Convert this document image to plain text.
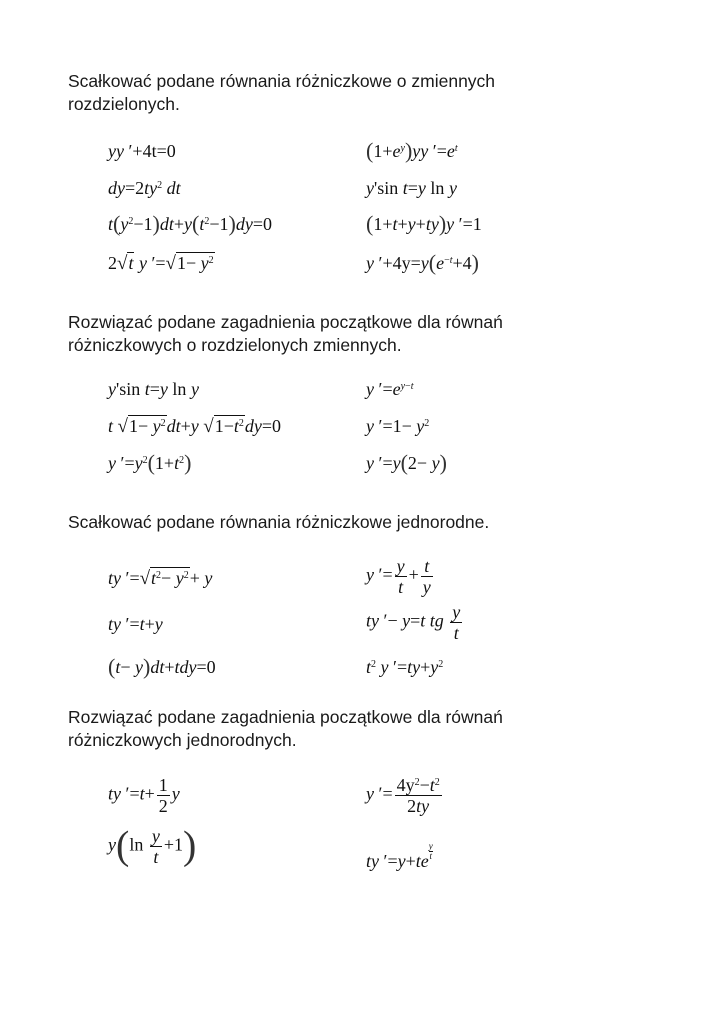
Scałkować podane równania różniczkowe o zmiennych
rozdzielonych.
yy ′+4t=0	$(1+e^y)yy$ $'=e^t$
$dy=2ty^2$ dt	y'sin t=y ln y
$t(y^2-1)dt+y(t^2-1)dy=0$	(1+t+y+ty)y ′=1
2√t y $'=√1- y^2$	y $'+4y=y(e^{-t}+4)$
Rozwiązać podane zagadnienia początkowe dla równań
różniczkowych o rozdzielonych zmiennych.
y'sin t=y ln y	y $'=e^{y-t}$
t $√1- y^2dt+y$ $√1-t^2dy=0$	y $'=1- y^2$
y $'=y^2(1+t^2)$	y ′=y(2− y)
Scałkować podane równania różniczkowe jednorodne.
ty $'=√t^2- y^2+ y$	y ′= $\frac{y}{t} + \frac{t}{y}$
ty ′=t+y	ty ′− y=t tg $\frac{y}{t}$
(t− y)dt+tdy=0	$t^2$ y $'=ty+y^2$
Rozwiązać podane zagadnienia początkowe dla równań
różniczkowych jednorodnych.
ty $'=t+ \frac{1}{2}$ y	y ′= $\frac{4y^2-t^2}{2ty}$
$y(\ln \frac{y}{t} +1)$	ty $'=y+te \frac{y}{t}$
